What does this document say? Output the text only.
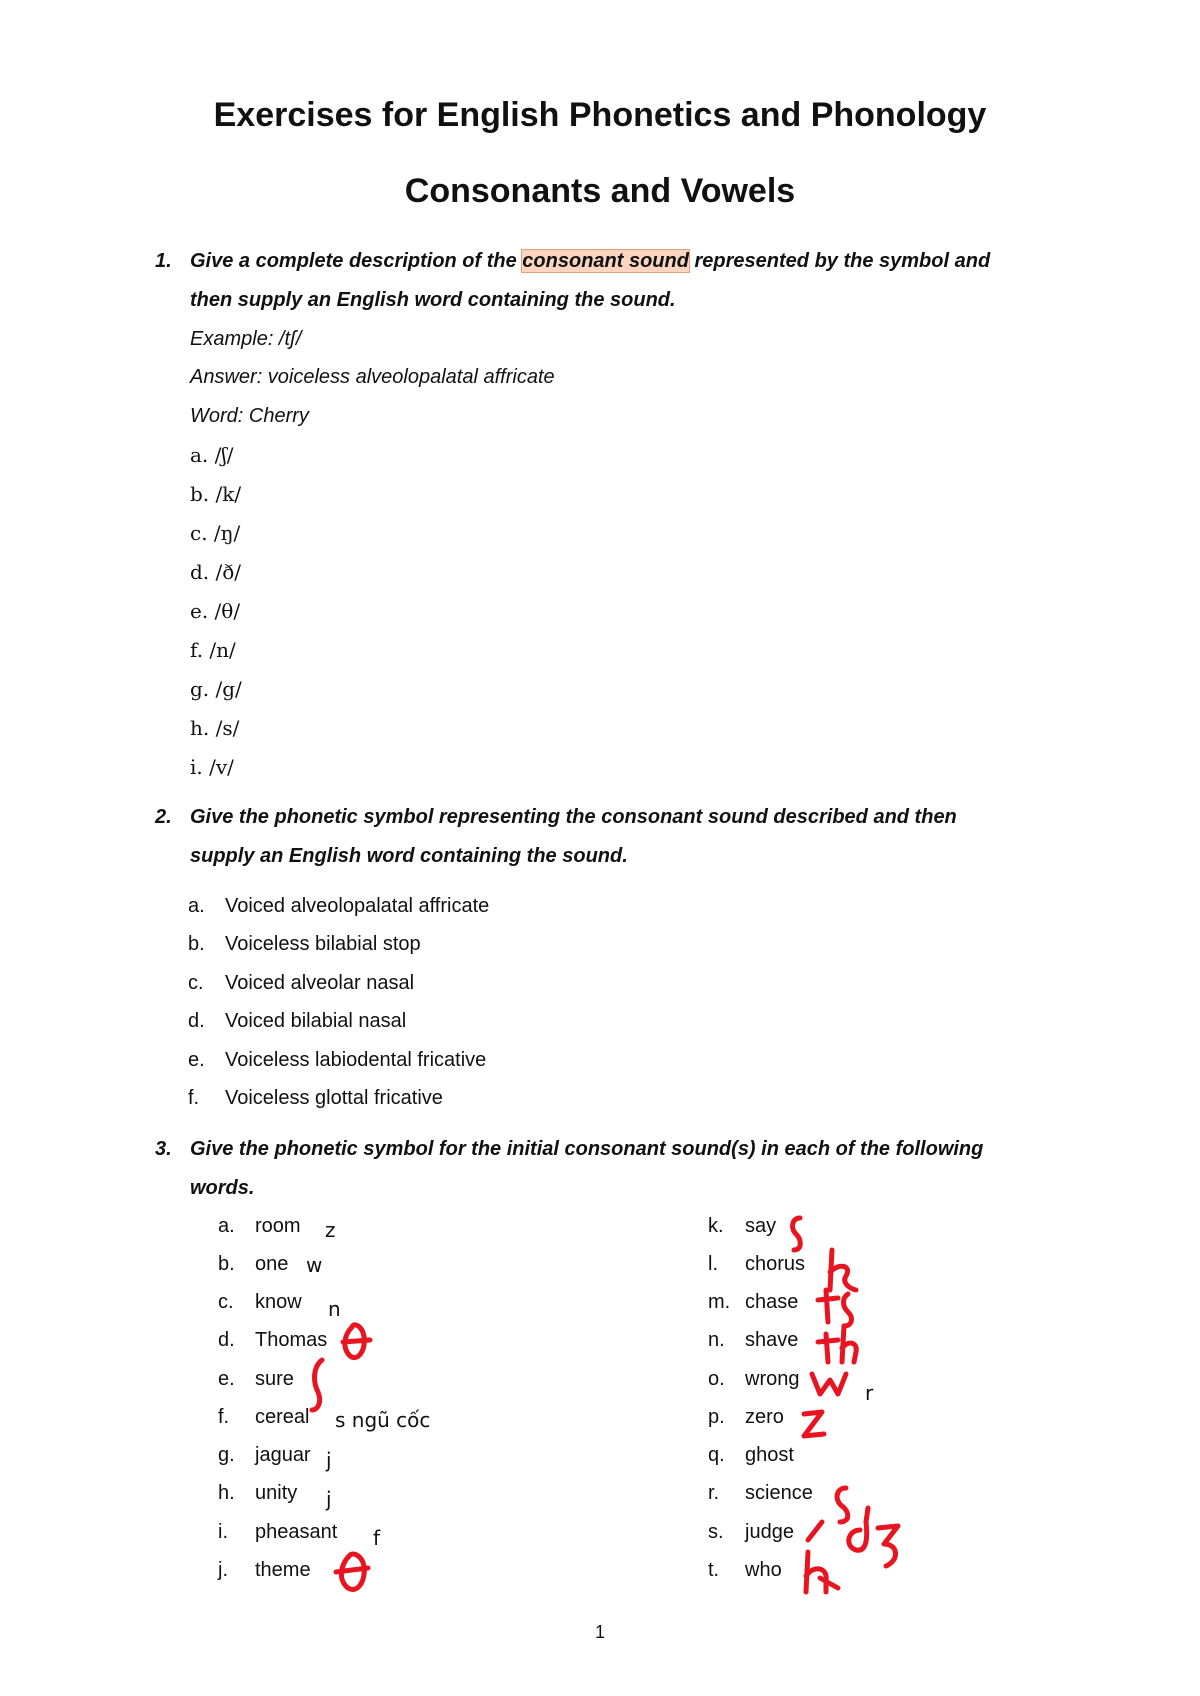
Exercises for English Phonetics and Phonology
Consonants and Vowels
1. Give a complete description of the consonant sound represented by the symbol and
then supply an English word containing the sound.
Example: /tʃ/
Answer: voiceless alveolopalatal affricate
Word: Cherry
a. /ʃ/
b. /k/
c. /ŋ/
d. /ð/
e. /θ/
f. /n/
g. /g/
h. /s/
i. /v/
2. Give the phonetic symbol representing the consonant sound described and then
supply an English word containing the sound.
a. Voiced alveolopalatal affricate
b. Voiceless bilabial stop
c. Voiced alveolar nasal
d. Voiced bilabial nasal
e. Voiceless labiodental fricative
f. Voiceless glottal fricative
3. Give the phonetic symbol for the initial consonant sound(s) in each of the following
words.
a. room
b. one
c. know
d. Thomas
e. sure
f. cereal
g. jaguar
h. unity
i. pheasant
j. theme
z
w
n
s ngũ cốc
j
j
f
k. say
l. chorus
m. chase
n. shave
o. wrong
p. zero
q. ghost
r. science
s. judge
t. who
r
1
